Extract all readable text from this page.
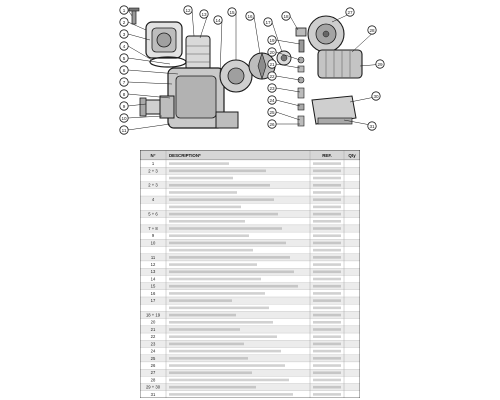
1
2
3
4
5
6
7
8
9
10
11
12
13
14
15
16
17
18
19
20
21
22
23
24
25
26
27
28
29
30
31
N°	DESCRIPTION*	REF.	Qty
1
2 + 3
2 + 3
4
5 + 6
7 + 8
9
10
11
12
13
14
15
16
17
18 + 19
20
21
22
23
24
25
26
27
28
29 + 30
31
